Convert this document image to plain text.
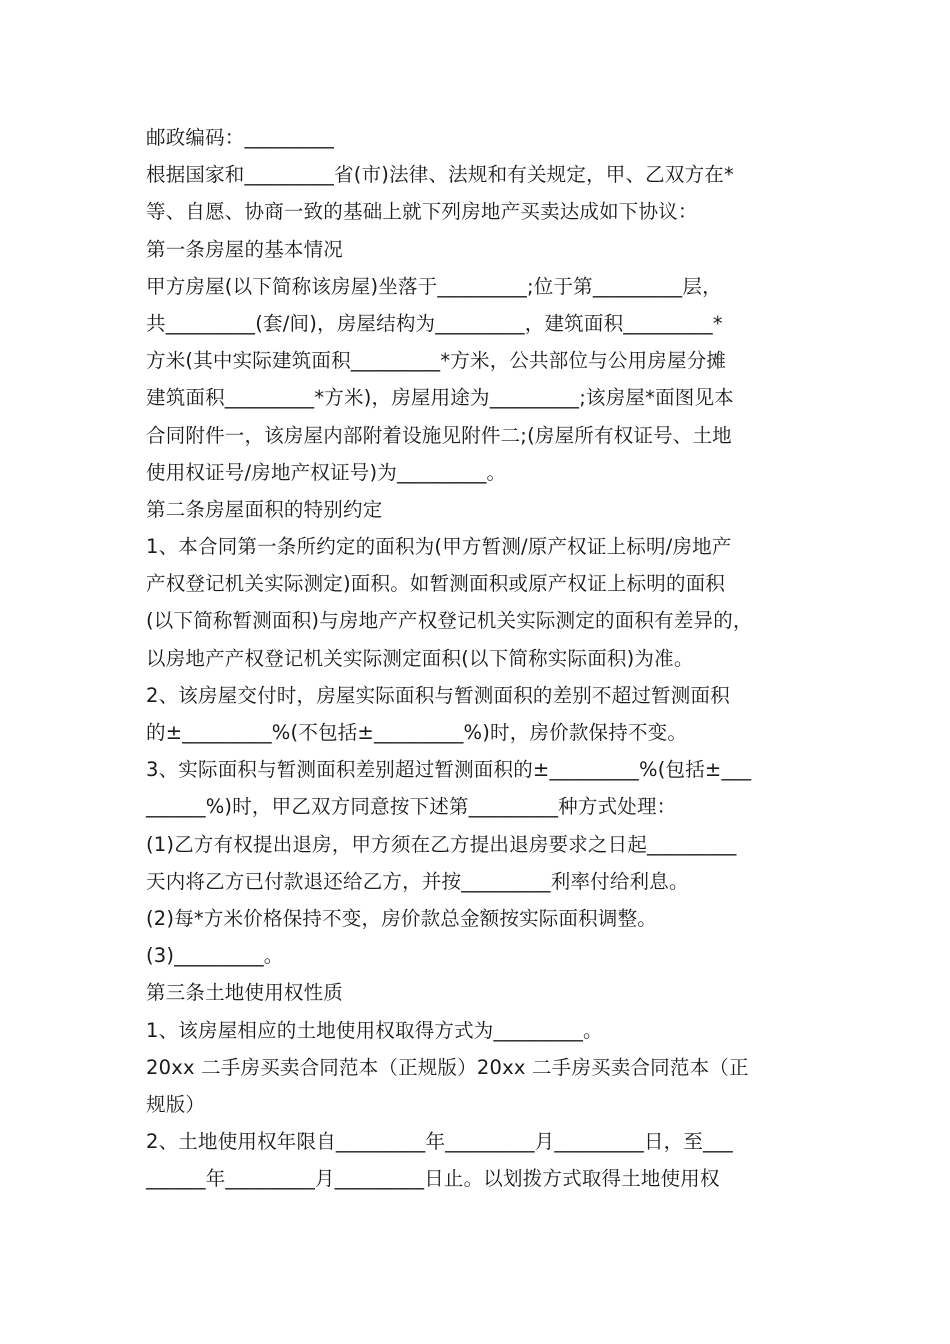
邮政编码：_________
根据国家和_________省(市)法律、法规和有关规定，甲、乙双方在*
等、自愿、协商一致的基础上就下列房地产买卖达成如下协议：
第一条房屋的基本情况
甲方房屋(以下简称该房屋)坐落于_________;位于第_________层，
共_________(套/间)，房屋结构为_________，建筑面积_________*
方米(其中实际建筑面积_________*方米，公共部位与公用房屋分摊
建筑面积_________*方米)，房屋用途为_________;该房屋*面图见本
合同附件一，该房屋内部附着设施见附件二;(房屋所有权证号、土地
使用权证号/房地产权证号)为_________。
第二条房屋面积的特别约定
1、本合同第一条所约定的面积为(甲方暂测/原产权证上标明/房地产
产权登记机关实际测定)面积。如暂测面积或原产权证上标明的面积
(以下简称暂测面积)与房地产产权登记机关实际测定的面积有差异的，
以房地产产权登记机关实际测定面积(以下简称实际面积)为准。
2、该房屋交付时，房屋实际面积与暂测面积的差别不超过暂测面积
的±_________%(不包括±_________%)时，房价款保持不变。
3、实际面积与暂测面积差别超过暂测面积的±_________%(包括±___
______%)时，甲乙双方同意按下述第_________种方式处理：
(1)乙方有权提出退房，甲方须在乙方提出退房要求之日起_________
天内将乙方已付款退还给乙方，并按_________利率付给利息。
(2)每*方米价格保持不变，房价款总金额按实际面积调整。
(3)_________。
第三条土地使用权性质
1、该房屋相应的土地使用权取得方式为_________。
20xx 二手房买卖合同范本（正规版）20xx 二手房买卖合同范本（正
规版）
2、土地使用权年限自_________年_________月_________日，至___
______年_________月_________日止。以划拨方式取得土地使用权
